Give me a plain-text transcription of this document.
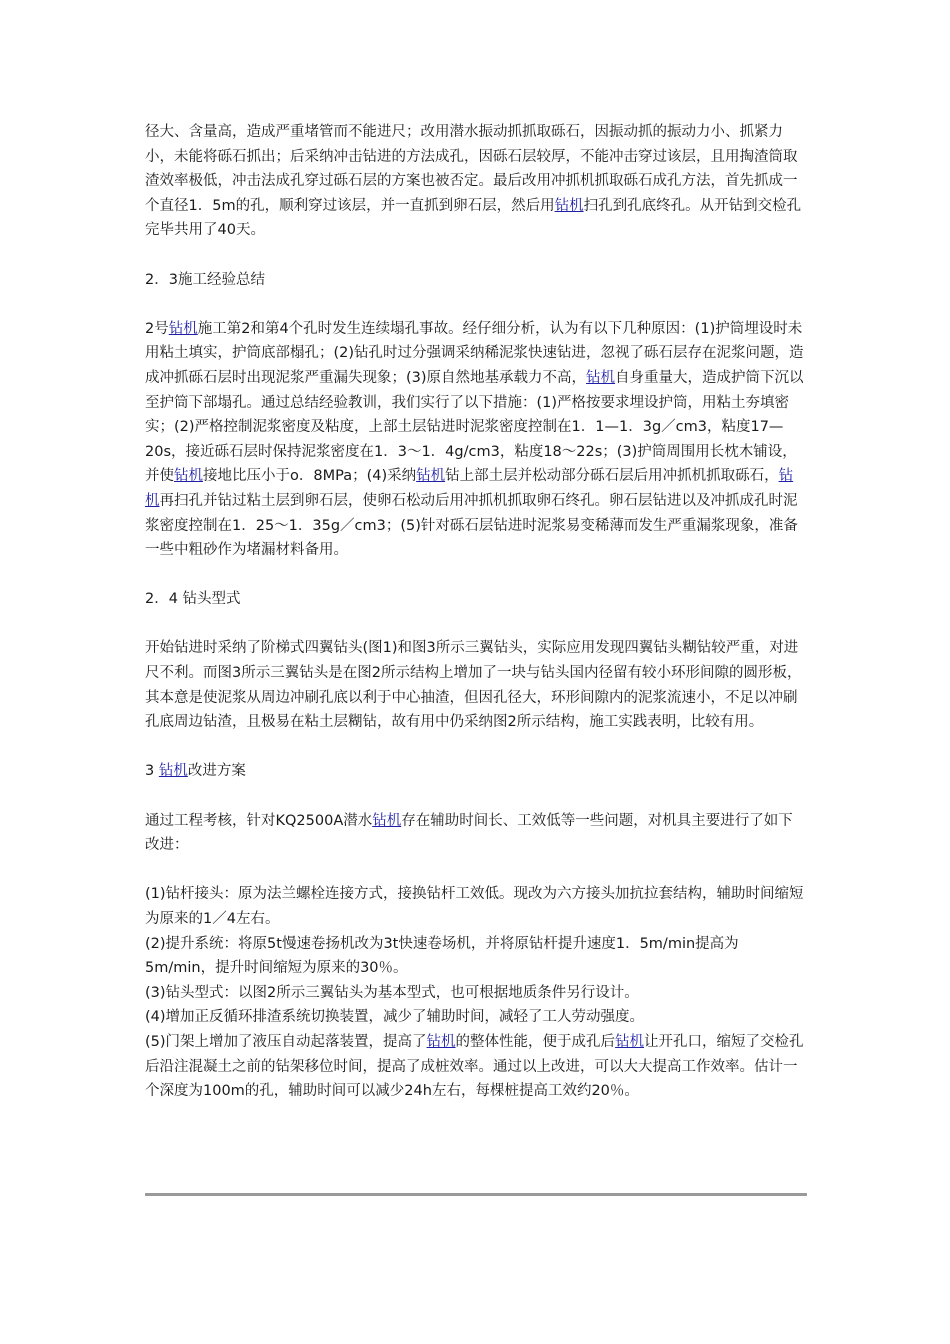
径大、含量高，造成严重堵管而不能进尺；改用潜水振动抓抓取砾石，因振动抓的振动力小、抓紧力小，未能将砾石抓出；后采纳冲击钻进的方法成孔，因砾石层较厚，不能冲击穿过该层，且用掏渣筒取渣效率极低，冲击法成孔穿过砾石层的方案也被否定。最后改用冲抓机抓取砾石成孔方法，首先抓成一个直径1．5m的孔，顺利穿过该层，并一直抓到卵石层，然后用钻机扫孔到孔底终孔。从开钻到交检孔完毕共用了40天。

2．3施工经验总结

2号钻机施工第2和第4个孔时发生连续塌孔事故。经仔细分析，认为有以下几种原因：(1)护筒埋设时未用粘土填实，护筒底部榻孔；(2)钻孔时过分强调采纳稀泥浆快速钻进，忽视了砾石层存在泥浆问题，造成冲抓砾石层时出现泥浆严重漏失现象；(3)原自然地基承载力不高，钻机自身重量大，造成护筒下沉以至护筒下部塌孔。通过总结经验教训，我们实行了以下措施：(1)严格按要求埋设护筒，用粘土夯填密实；(2)严格控制泥浆密度及粘度，上部土层钻进时泥浆密度控制在1．1—1．3g／cm3，粘度17—20s，接近砾石层时保持泥浆密度在1．3～1．4g/cm3，粘度18～22s；(3)护筒周围用长枕木铺设，并使钻机接地比压小于o．8MPa；(4)采纳钻机钻上部土层并松动部分砾石层后用冲抓机抓取砾石，钻机再扫孔并钻过粘土层到卵石层，使卵石松动后用冲抓机抓取卵石终孔。卵石层钻进以及冲抓成孔时泥浆密度控制在1．25～1．35g／cm3；(5)针对砾石层钻进时泥浆易变稀薄而发生严重漏浆现象，准备一些中粗砂作为堵漏材料备用。

2．4 钻头型式

开始钻进时采纳了阶梯式四翼钻头(图1)和图3所示三翼钻头，实际应用发现四翼钻头糊钻较严重，对进尺不利。而图3所示三翼钻头是在图2所示结构上增加了一块与钻头国内径留有较小环形间隙的圆形板，其本意是使泥浆从周边冲刷孔底以利于中心抽渣，但因孔径大，环形间隙内的泥浆流速小，不足以冲刷孔底周边钻渣，且极易在粘土层糊钻，故有用中仍采纳图2所示结构，施工实践表明，比较有用。

3 钻机改进方案

通过工程考核，针对KQ2500A潜水钻机存在辅助时间长、工效低等一些问题，对机具主要进行了如下改进：

(1)钻杆接头：原为法兰螺栓连接方式，接换钻杆工效低。现改为六方接头加抗拉套结构，辅助时间缩短为原来的1／4左右。

(2)提升系统：将原5t慢速卷扬机改为3t快速卷场机，并将原钻杆提升速度1．5m/min提高为5m/min，提升时间缩短为原来的30％。

(3)钻头型式：以图2所示三翼钻头为基本型式，也可根据地质条件另行设计。

(4)增加正反循环排渣系统切换装置，减少了辅助时间，减轻了工人劳动强度。

(5)门架上增加了液压自动起落装置，提高了钻机的整体性能，便于成孔后钻机让开孔口，缩短了交检孔后沿注混凝土之前的钻架移位时间，提高了成桩效率。通过以上改进，可以大大提高工作效率。估计一个深度为100m的孔，辅助时间可以减少24h左右，每棵桩提高工效约20％。
